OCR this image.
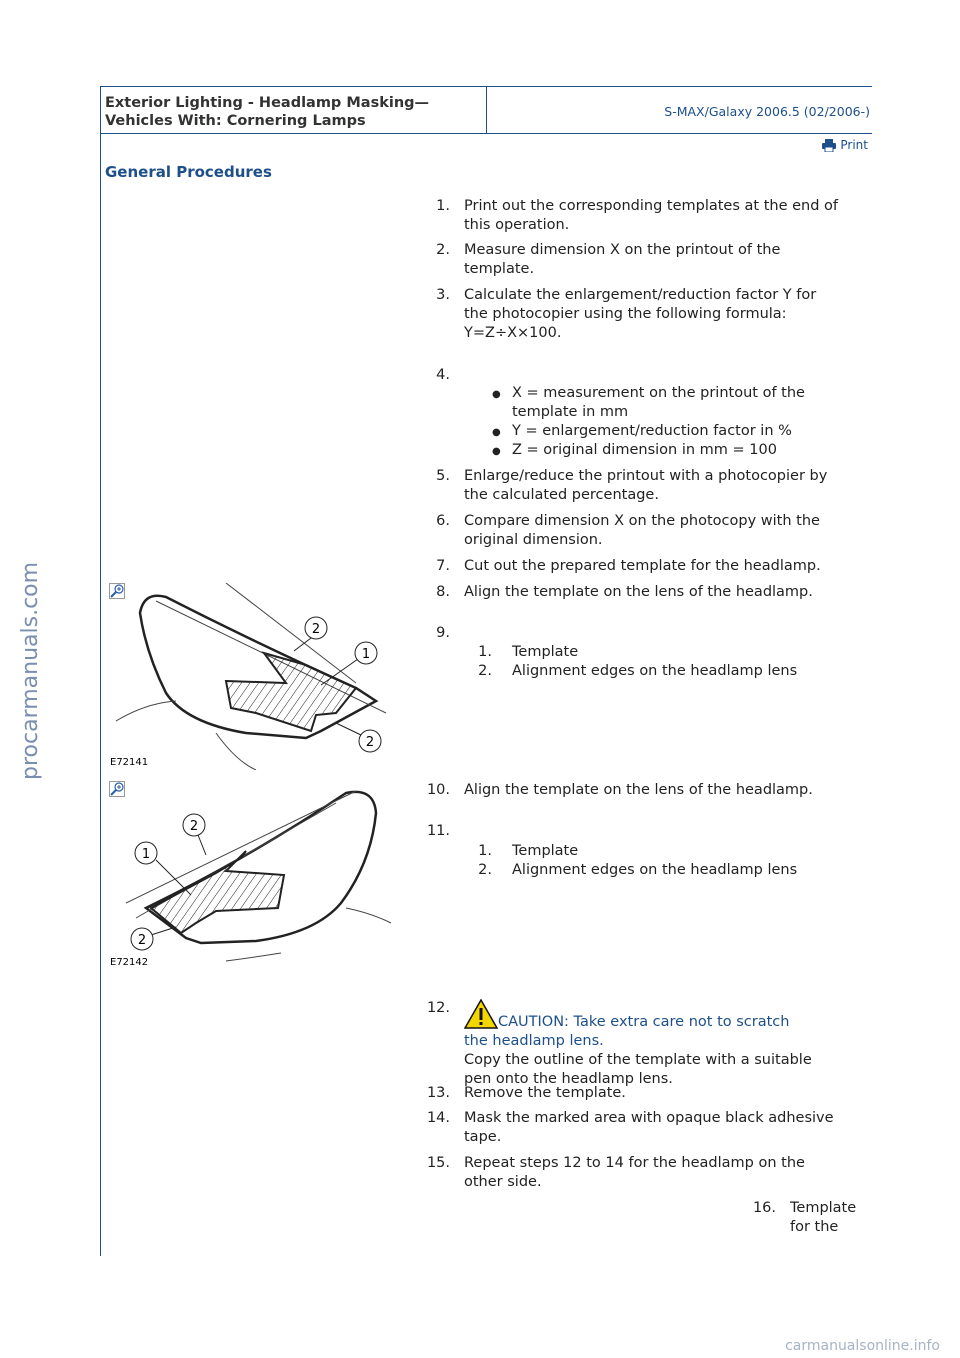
Exterior Lighting - Headlamp Masking—
Vehicles With: Cornering Lamps
S-MAX/Galaxy 2006.5 (02/2006-)
Print
General Procedures
1. Print out the corresponding templates at the end of
this operation.
2. Measure dimension X on the printout of the
template.
3. Calculate the enlargement/reduction factor Y for
the photocopier using the following formula:
Y=Z÷X×100.
4.
● X = measurement on the printout of the
template in mm
● Y = enlargement/reduction factor in %
● Z = original dimension in mm = 100
5. Enlarge/reduce the printout with a photocopier by
the calculated percentage.
6. Compare dimension X on the photocopy with the
original dimension.
7. Cut out the prepared template for the headlamp.
8. Align the template on the lens of the headlamp.
9.
1. Template
2. Alignment edges on the headlamp lens
10. Align the template on the lens of the headlamp.
11.
1. Template
2. Alignment edges on the headlamp lens
12.
CAUTION: Take extra care not to scratch
the headlamp lens.
Copy the outline of the template with a suitable
pen onto the headlamp lens.
13. Remove the template.
14. Mask the marked area with opaque black adhesive
tape.
15. Repeat steps 12 to 14 for the headlamp on the
other side.
16. Template
for the
2
1
2
E72141
2
1
2
E72142
procarmanuals.com
carmanualsonline.info
